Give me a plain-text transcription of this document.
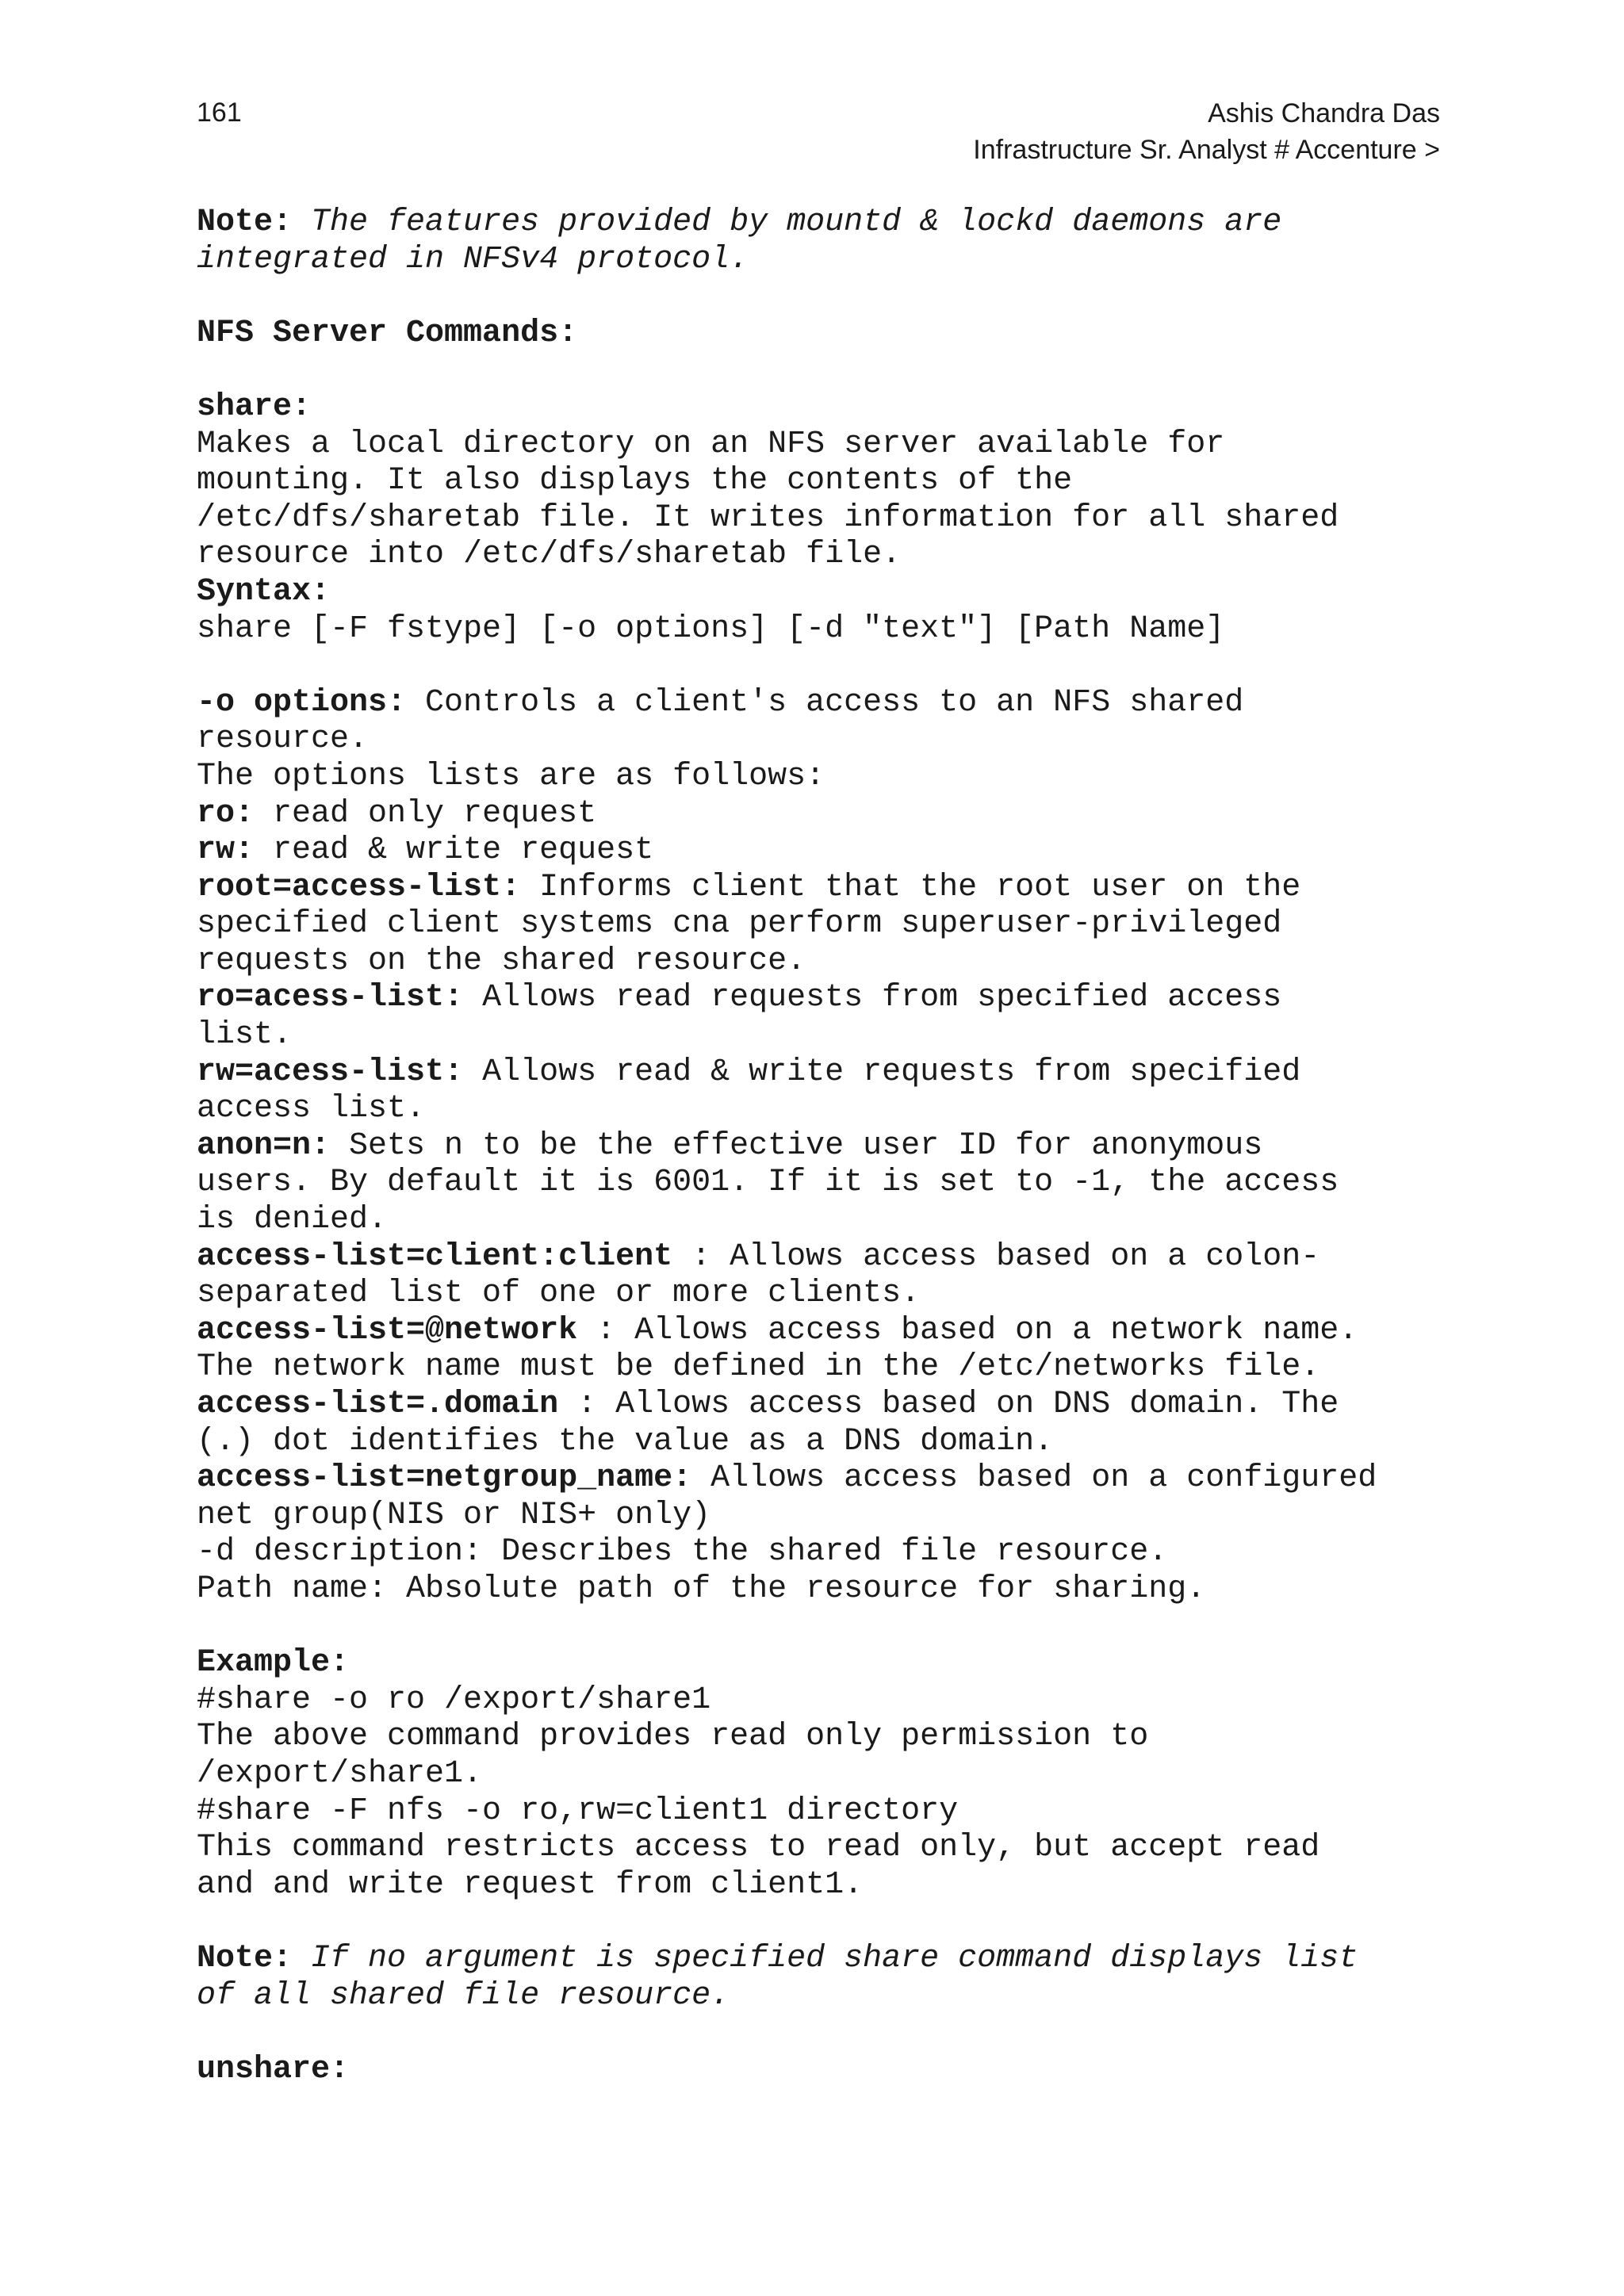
161	Ashis Chandra Das
Infrastructure Sr. Analyst # Accenture >
Note: The features provided by mountd & lockd daemons are
integrated in NFSv4 protocol.
NFS Server Commands:
share:
Makes a local directory on an NFS server available for
mounting. It also displays the contents of the
/etc/dfs/sharetab file. It writes information for all shared
resource into /etc/dfs/sharetab file.
Syntax:
share [-F fstype] [-o options] [-d "text"] [Path Name]
-o options: Controls a client's access to an NFS shared
resource.
The options lists are as follows:
ro: read only request
rw: read & write request
root=access-list: Informs client that the root user on the
specified client systems cna perform superuser-privileged
requests on the shared resource.
ro=acess-list: Allows read requests from specified access
list.
rw=acess-list: Allows read & write requests from specified
access list.
anon=n: Sets n to be the effective user ID for anonymous
users. By default it is 6001. If it is set to -1, the access
is denied.
access-list=client:client : Allows access based on a colon-
separated list of one or more clients.
access-list=@network : Allows access based on a network name.
The network name must be defined in the /etc/networks file.
access-list=.domain : Allows access based on DNS domain. The
(.) dot identifies the value as a DNS domain.
access-list=netgroup_name: Allows access based on a configured
net group(NIS or NIS+ only)
-d description: Describes the shared file resource.
Path name: Absolute path of the resource for sharing.
Example:
#share -o ro /export/share1
The above command provides read only permission to
/export/share1.
#share -F nfs -o ro,rw=client1 directory
This command restricts access to read only, but accept read
and and write request from client1.
Note: If no argument is specified share command displays list
of all shared file resource.
unshare:
